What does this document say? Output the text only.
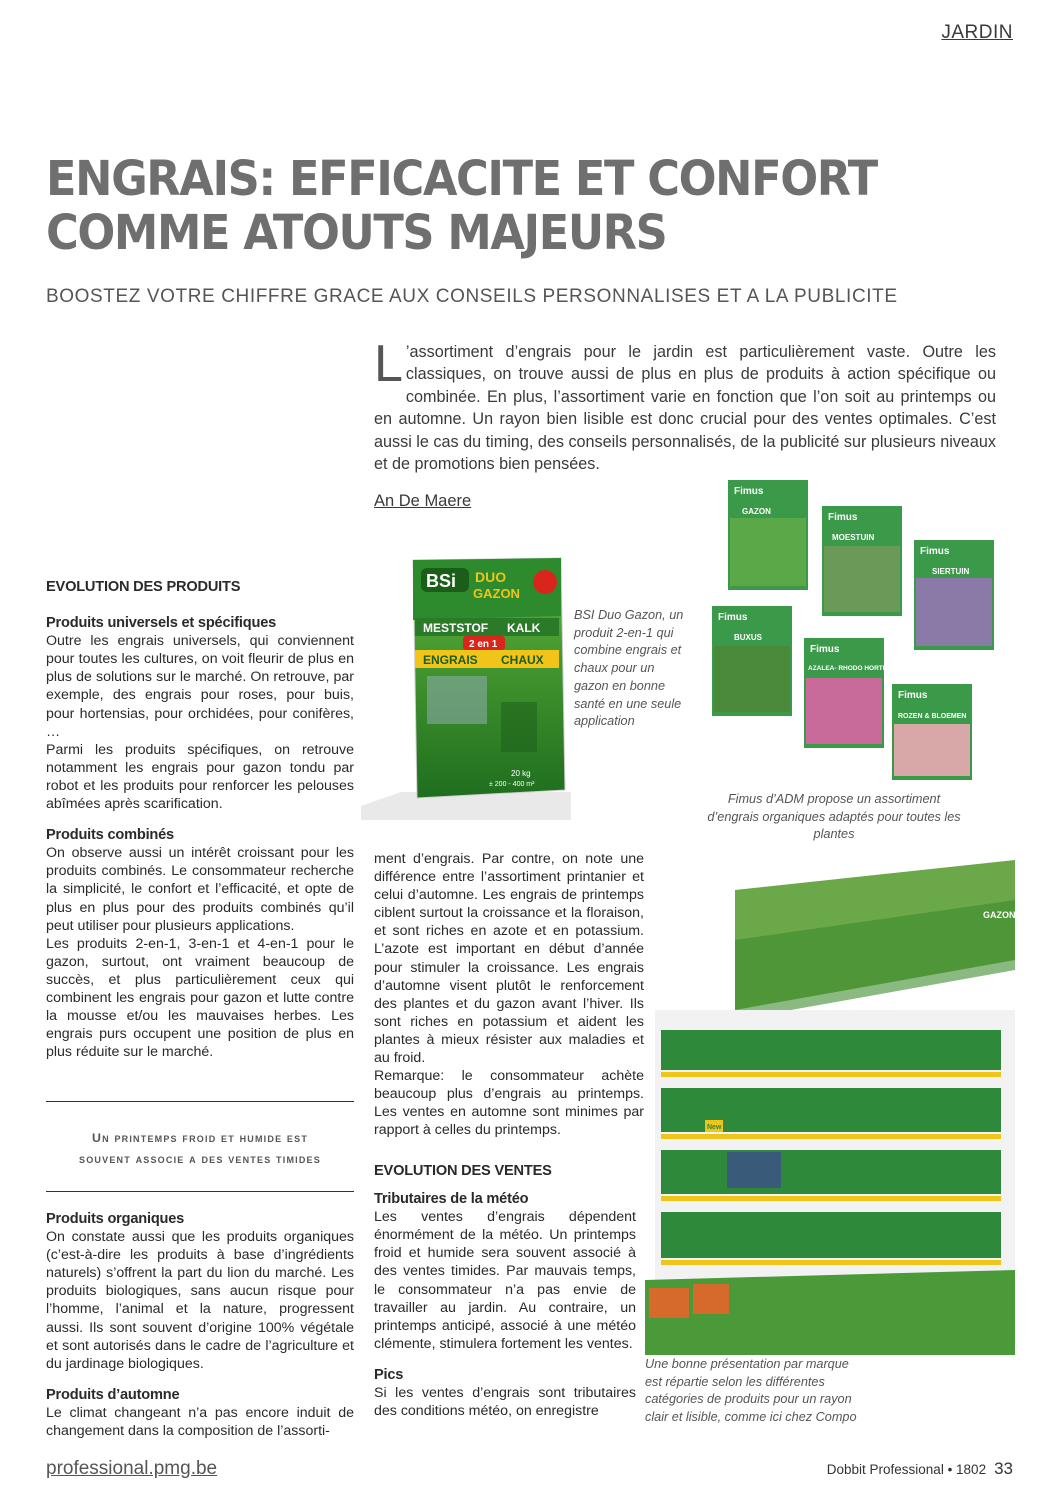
JARDIN
ENGRAIS: EFFICACITE ET CONFORT
COMME ATOUTS MAJEURS
BOOSTEZ VOTRE CHIFFRE GRACE AUX CONSEILS PERSONNALISES ET A LA PUBLICITE
L ’assortiment d’engrais pour le jardin est particulièrement vaste. Outre les classiques, on trouve aussi de plus en plus de produits à action spécifique ou combinée. En plus, l’assortiment varie en fonction que l’on soit au printemps ou en automne. Un rayon bien lisible est donc crucial pour des ventes optimales. C’est aussi le cas du timing, des conseils personnalisés, de la publicité sur plusieurs niveaux et de promotions bien pensées.
An De Maere
EVOLUTION DES PRODUITS
Produits universels et spécifiques

Outre les engrais universels, qui conviennent pour toutes les cultures, on voit fleurir de plus en plus de solutions sur le marché. On retrouve, par exemple, des engrais pour roses, pour buis, pour hortensias, pour orchidées, pour conifères, …

Parmi les produits spécifiques, on retrouve notamment les engrais pour gazon tondu par robot et les produits pour renforcer les pelouses abîmées après scarification.

Produits combinés

On observe aussi un intérêt croissant pour les produits combinés. Le consommateur recherche la simplicité, le confort et l’efficacité, et opte de plus en plus pour des produits combinés qu’il peut utiliser pour plusieurs applications.

Les produits 2-en-1, 3-en-1 et 4-en-1 pour le gazon, surtout, ont vraiment beaucoup de succès, et plus particulièrement ceux qui combinent les engrais pour gazon et lutte contre la mousse et/ou les mauvaises herbes. Les engrais purs occupent une position de plus en plus réduite sur le marché.

Un printemps froid et humide est
souvent associe a des ventes timides
Produits organiques

On constate aussi que les produits organiques (c’est-à-dire les produits à base d’ingrédients naturels) s’offrent la part du lion du marché. Les produits biologiques, sans aucun risque pour l’homme, l’animal et la nature, progressent aussi. Ils sont souvent d’origine 100% végétale et sont autorisés dans le cadre de l’agriculture et du jardinage biologiques.

Produits d’automne

Le climat changeant n’a pas encore induit de changement dans la composition de l’assorti-

ment d’engrais. Par contre, on note une différence entre l’assortiment printanier et celui d’automne. Les engrais de printemps ciblent surtout la croissance et la floraison, et sont riches en azote et en potassium. L’azote est important en début d’année pour stimuler la croissance. Les engrais d’automne visent plutôt le renforcement des plantes et du gazon avant l’hiver. Ils sont riches en potassium et aident les plantes à mieux résister aux maladies et au froid.

Remarque: le consommateur achète beaucoup plus d’engrais au printemps. Les ventes en automne sont minimes par rapport à celles du printemps.

EVOLUTION DES VENTES
Tributaires de la météo

Les ventes d’engrais dépendent énormément de la météo. Un printemps froid et humide sera souvent associé à des ventes timides. Par mauvais temps, le consommateur n’a pas envie de travailler au jardin. Au contraire, un printemps anticipé, associé à une météo clémente, stimulera fortement les ventes.

Pics

Si les ventes d’engrais sont tributaires des conditions météo, on enregistre

BSi DUO
GAZON
MESTSTOF KALK
2 en 1
ENGRAIS CHAUX
20 kg
± 200 - 400 m²
BSI Duo Gazon, un produit 2-en-1 qui combine engrais et chaux pour un gazon en bonne santé en une seule application
Fimus
GAZON
Fimus
MOESTUIN
Fimus
SIERTUIN
Fimus
BUXUS
Fimus
AZALEA- RHODO HORTENSIA
Fimus
ROZEN & BLOEMEN
Fimus d’ADM propose un assortiment d’engrais organiques adaptés pour toutes les plantes
GAZON
New
Une bonne présentation par marque est répartie selon les différentes catégories de produits pour un rayon clair et lisible, comme ici chez Compo
professional.pmg.be	Dobbit Professional • 1802 33
